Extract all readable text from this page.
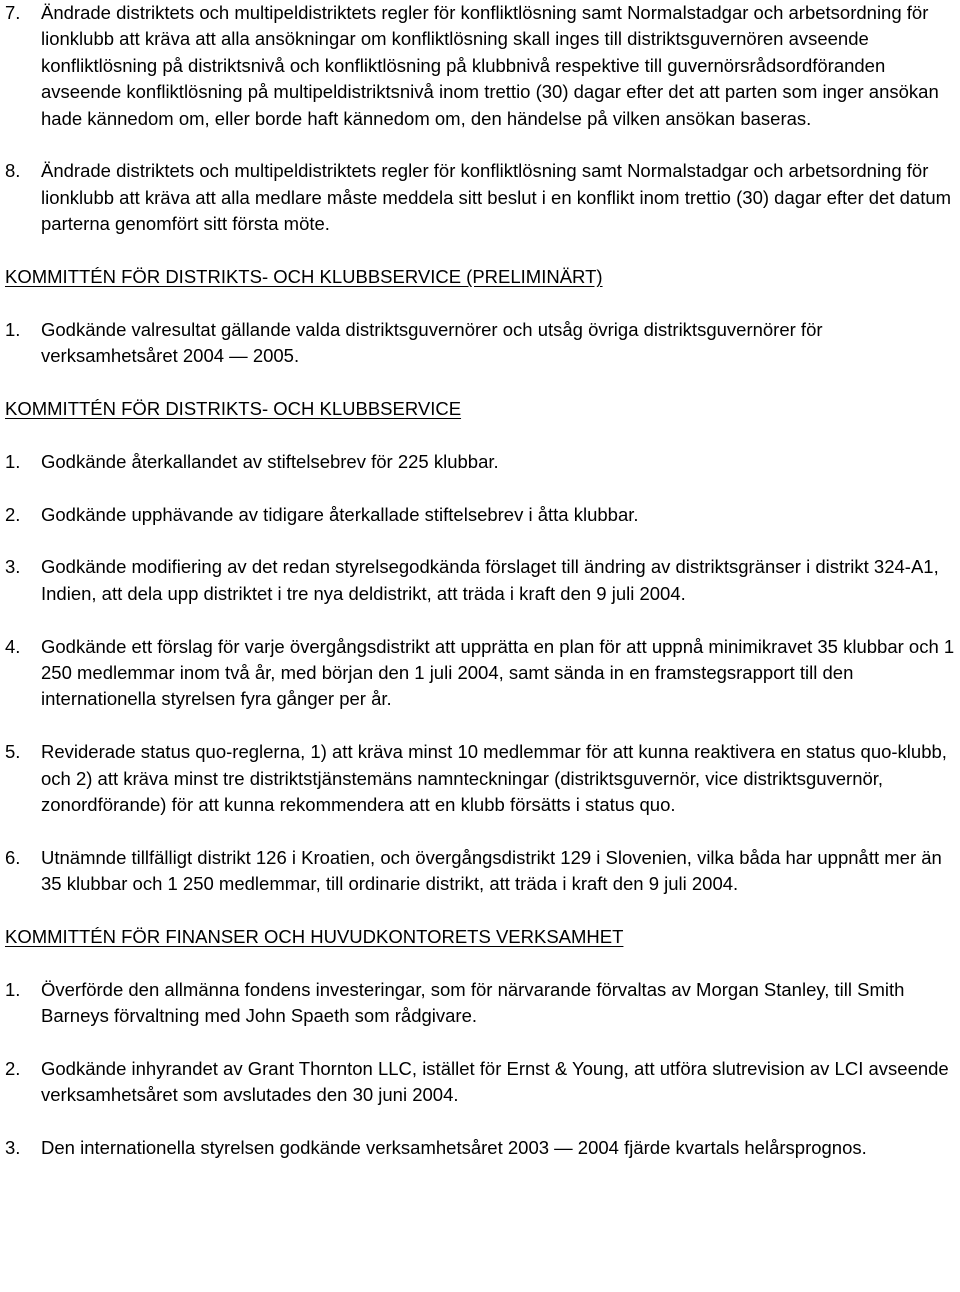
7.	Ändrade distriktets och multipeldistriktets regler för konfliktlösning samt Normalstadgar och arbetsordning för lionklubb att kräva att alla ansökningar om konfliktlösning skall inges till distriktsguvernören avseende konfliktlösning på distriktsnivå och konfliktlösning på klubbnivå respektive till guvernörsrådsordföranden avseende konfliktlösning på multipeldistriktsnivå inom trettio (30) dagar efter det att parten som inger ansökan hade kännedom om, eller borde haft kännedom om, den händelse på vilken ansökan baseras.
8.	Ändrade distriktets och multipeldistriktets regler för konfliktlösning samt Normalstadgar och arbetsordning för lionklubb att kräva att alla medlare måste meddela sitt beslut i en konflikt inom trettio (30) dagar efter det datum parterna genomfört sitt första möte.

KOMMITTÉN FÖR DISTRIKTS- OCH KLUBBSERVICE (PRELIMINÄRT)

1.	Godkände valresultat gällande valda distriktsguvernörer och utsåg övriga distriktsguvernörer för verksamhetsåret 2004 — 2005.

KOMMITTÉN FÖR DISTRIKTS- OCH KLUBBSERVICE

1.	Godkände återkallandet av stiftelsebrev för 225 klubbar.
2.	Godkände upphävande av tidigare återkallade stiftelsebrev i åtta klubbar.
3.	Godkände modifiering av det redan styrelsegodkända förslaget till ändring av distriktsgränser i distrikt 324-A1, Indien, att dela upp distriktet i tre nya deldistrikt, att träda i kraft den 9 juli 2004.
4.	Godkände ett förslag för varje övergångsdistrikt att upprätta en plan för att uppnå minimikravet 35 klubbar och 1 250 medlemmar inom två år, med början den 1 juli 2004, samt sända in en framstegsrapport till den internationella styrelsen fyra gånger per år.
5.	Reviderade status quo-reglerna, 1) att kräva minst 10 medlemmar för att kunna reaktivera en status quo-klubb, och 2) att kräva minst tre distriktstjänstemäns namnteckningar (distriktsguvernör, vice distriktsguvernör, zonordförande) för att kunna rekommendera att en klubb försätts i status quo.
6.	Utnämnde tillfälligt distrikt 126 i Kroatien, och övergångsdistrikt 129 i Slovenien, vilka båda har uppnått mer än 35 klubbar och 1 250 medlemmar, till ordinarie distrikt, att träda i kraft den 9 juli 2004.

KOMMITTÉN FÖR FINANSER OCH HUVUDKONTORETS VERKSAMHET

1.	Överförde den allmänna fondens investeringar, som för närvarande förvaltas av Morgan Stanley, till Smith Barneys förvaltning med John Spaeth som rådgivare.
2.	Godkände inhyrandet av Grant Thornton LLC, istället för Ernst & Young, att utföra slutrevision av LCI avseende verksamhetsåret som avslutades den 30 juni 2004.
3.	Den internationella styrelsen godkände verksamhetsåret 2003 — 2004 fjärde kvartals helårsprognos.
